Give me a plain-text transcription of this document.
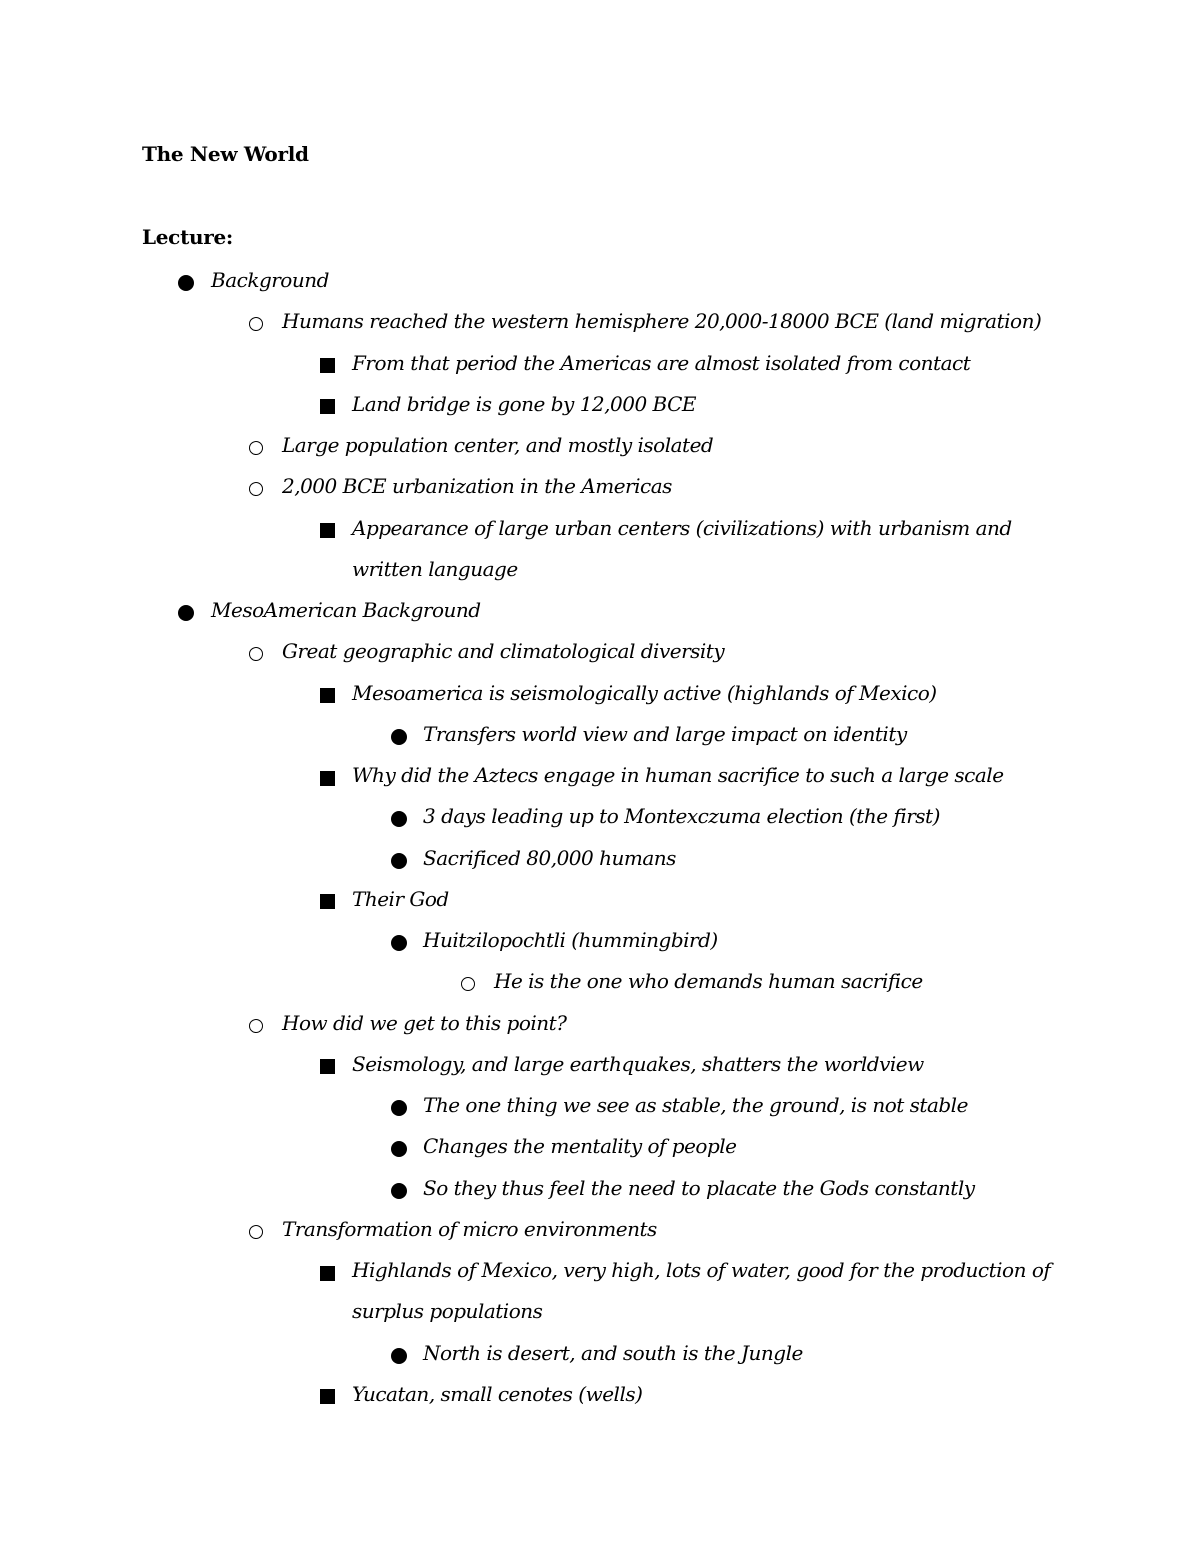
The New World
Lecture:
Background
Humans reached the western hemisphere 20,000-18000 BCE (land migration)
From that period the Americas are almost isolated from contact
Land bridge is gone by 12,000 BCE
Large population center, and mostly isolated
2,000 BCE urbanization in the Americas
Appearance of large urban centers (civilizations) with urbanism and
written language
MesoAmerican Background
Great geographic and climatological diversity
Mesoamerica is seismologically active (highlands of Mexico)
Transfers world view and large impact on identity
Why did the Aztecs engage in human sacrifice to such a large scale
3 days leading up to Montexczuma election (the first)
Sacrificed 80,000 humans
Their God
Huitzilopochtli (hummingbird)
He is the one who demands human sacrifice
How did we get to this point?
Seismology, and large earthquakes, shatters the worldview
The one thing we see as stable, the ground, is not stable
Changes the mentality of people
So they thus feel the need to placate the Gods constantly
Transformation of micro environments
Highlands of Mexico, very high, lots of water, good for the production of
surplus populations
North is desert, and south is the Jungle
Yucatan, small cenotes (wells)
